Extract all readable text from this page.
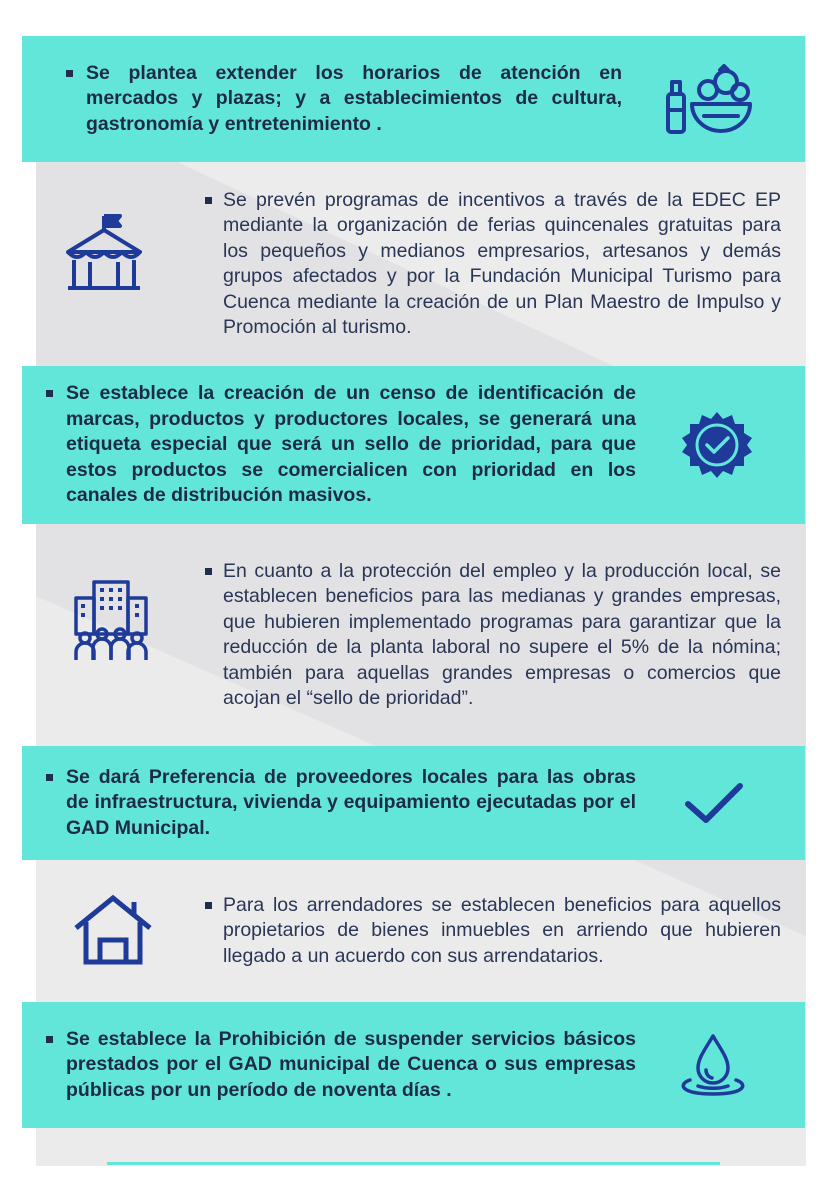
Se plantea extender los horarios de atención en mercados y plazas; y a establecimientos de cultura, gastronomía y entretenimiento .
Se prevén programas de incentivos a través de la EDEC EP mediante la organización de ferias quincenales gratuitas para los pequeños y medianos empresarios, artesanos y demás grupos afectados y por la Fundación Municipal Turismo para Cuenca mediante la creación de un Plan Maestro de Impulso y Promoción al turismo.
Se establece la creación de un censo de identificación de marcas, productos y productores locales, se generará una etiqueta especial que será un sello de prioridad, para que estos productos se comercialicen con prioridad en los canales de distribución masivos.
En cuanto a la protección del empleo y la producción local, se establecen beneficios para las medianas y grandes empresas, que hubieren implementado programas para garantizar que la reducción de la planta laboral no supere el 5% de la nómina; también para aquellas grandes empresas o comercios que acojan el “sello de prioridad”.
Se dará Preferencia de proveedores locales para las obras de infraestructura, vivienda y equipamiento ejecutadas por el GAD Municipal.
Para los arrendadores se establecen beneficios para aquellos propietarios de bienes inmuebles en arriendo que hubieren llegado a un acuerdo con sus arrendatarios.
Se establece la Prohibición de suspender servicios básicos prestados por el GAD municipal de Cuenca o sus empresas públicas por un período de noventa días .
